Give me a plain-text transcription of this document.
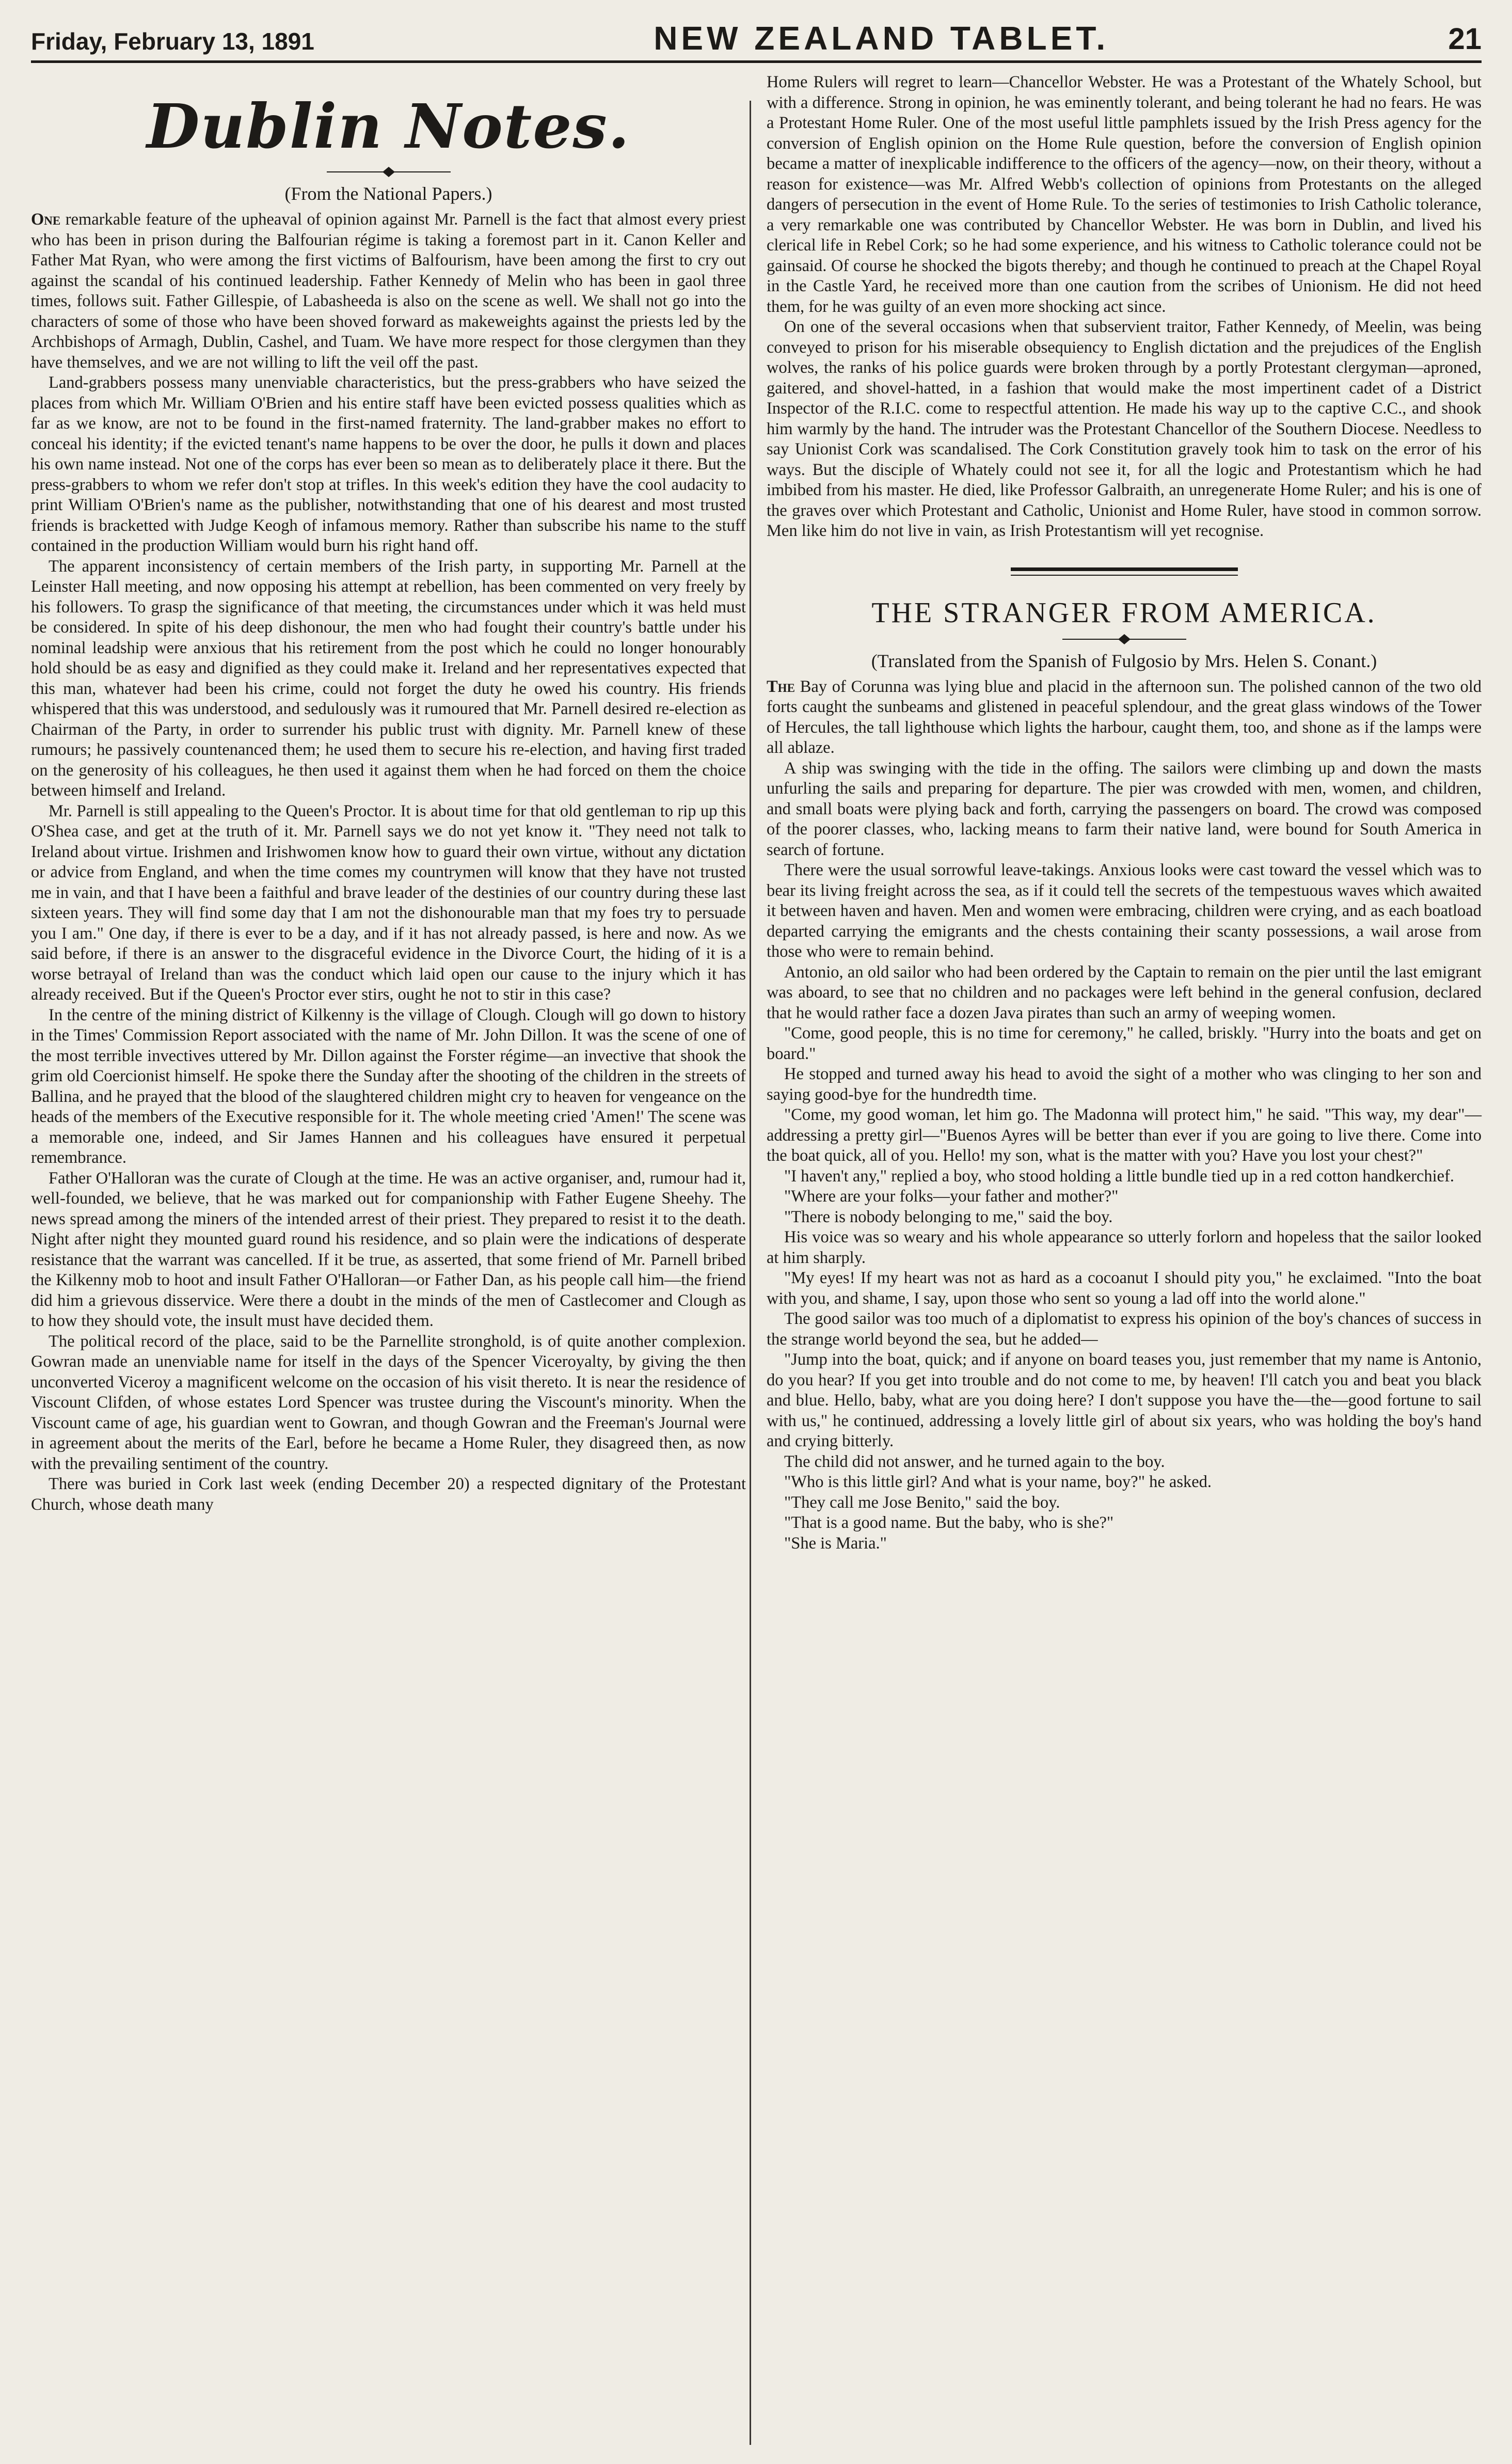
Friday, February 13, 1891	NEW ZEALAND TABLET.	21
Dublin Notes.
(From the National Papers.)

One remarkable feature of the upheaval of opinion against Mr. Parnell is the fact that almost every priest who has been in prison during the Balfourian régime is taking a foremost part in it. Canon Keller and Father Mat Ryan, who were among the first victims of Balfourism, have been among the first to cry out against the scandal of his continued leadership. Father Kennedy of Melin who has been in gaol three times, follows suit. Father Gillespie, of Labasheeda is also on the scene as well. We shall not go into the characters of some of those who have been shoved forward as makeweights against the priests led by the Archbishops of Armagh, Dublin, Cashel, and Tuam. We have more respect for those clergymen than they have themselves, and we are not willing to lift the veil off the past.

Land-grabbers possess many unenviable characteristics, but the press-grabbers who have seized the places from which Mr. William O'Brien and his entire staff have been evicted possess qualities which as far as we know, are not to be found in the first-named fraternity. The land-grabber makes no effort to conceal his identity; if the evicted tenant's name happens to be over the door, he pulls it down and places his own name instead. Not one of the corps has ever been so mean as to deliberately place it there. But the press-grabbers to whom we refer don't stop at trifles. In this week's edition they have the cool audacity to print William O'Brien's name as the publisher, notwithstanding that one of his dearest and most trusted friends is bracketted with Judge Keogh of infamous memory. Rather than subscribe his name to the stuff contained in the production William would burn his right hand off.

The apparent inconsistency of certain members of the Irish party, in supporting Mr. Parnell at the Leinster Hall meeting, and now opposing his attempt at rebellion, has been commented on very freely by his followers. To grasp the significance of that meeting, the circumstances under which it was held must be considered. In spite of his deep dishonour, the men who had fought their country's battle under his nominal leadship were anxious that his retirement from the post which he could no longer honourably hold should be as easy and dignified as they could make it. Ireland and her representatives expected that this man, whatever had been his crime, could not forget the duty he owed his country. His friends whispered that this was understood, and sedulously was it rumoured that Mr. Parnell desired re-election as Chairman of the Party, in order to surrender his public trust with dignity. Mr. Parnell knew of these rumours; he passively countenanced them; he used them to secure his re-election, and having first traded on the generosity of his colleagues, he then used it against them when he had forced on them the choice between himself and Ireland.

Mr. Parnell is still appealing to the Queen's Proctor. It is about time for that old gentleman to rip up this O'Shea case, and get at the truth of it. Mr. Parnell says we do not yet know it. "They need not talk to Ireland about virtue. Irishmen and Irishwomen know how to guard their own virtue, without any dictation or advice from England, and when the time comes my countrymen will know that they have not trusted me in vain, and that I have been a faithful and brave leader of the destinies of our country during these last sixteen years. They will find some day that I am not the dishonourable man that my foes try to persuade you I am." One day, if there is ever to be a day, and if it has not already passed, is here and now. As we said before, if there is an answer to the disgraceful evidence in the Divorce Court, the hiding of it is a worse betrayal of Ireland than was the conduct which laid open our cause to the injury which it has already received. But if the Queen's Proctor ever stirs, ought he not to stir in this case?

In the centre of the mining district of Kilkenny is the village of Clough. Clough will go down to history in the Times' Commission Report associated with the name of Mr. John Dillon. It was the scene of one of the most terrible invectives uttered by Mr. Dillon against the Forster régime—an invective that shook the grim old Coercionist himself. He spoke there the Sunday after the shooting of the children in the streets of Ballina, and he prayed that the blood of the slaughtered children might cry to heaven for vengeance on the heads of the members of the Executive responsible for it. The whole meeting cried 'Amen!' The scene was a memorable one, indeed, and Sir James Hannen and his colleagues have ensured it perpetual remembrance.

Father O'Halloran was the curate of Clough at the time. He was an active organiser, and, rumour had it, well-founded, we believe, that he was marked out for companionship with Father Eugene Sheehy. The news spread among the miners of the intended arrest of their priest. They prepared to resist it to the death. Night after night they mounted guard round his residence, and so plain were the indications of desperate resistance that the warrant was cancelled. If it be true, as asserted, that some friend of Mr. Parnell bribed the Kilkenny mob to hoot and insult Father O'Halloran—or Father Dan, as his people call him—the friend did him a grievous disservice. Were there a doubt in the minds of the men of Castlecomer and Clough as to how they should vote, the insult must have decided them.

The political record of the place, said to be the Parnellite stronghold, is of quite another complexion. Gowran made an unenviable name for itself in the days of the Spencer Viceroyalty, by giving the then unconverted Viceroy a magnificent welcome on the occasion of his visit thereto. It is near the residence of Viscount Clifden, of whose estates Lord Spencer was trustee during the Viscount's minority. When the Viscount came of age, his guardian went to Gowran, and though Gowran and the Freeman's Journal were in agreement about the merits of the Earl, before he became a Home Ruler, they disagreed then, as now with the prevailing sentiment of the country.

There was buried in Cork last week (ending December 20) a respected dignitary of the Protestant Church, whose death many

Home Rulers will regret to learn—Chancellor Webster. He was a Protestant of the Whately School, but with a difference. Strong in opinion, he was eminently tolerant, and being tolerant he had no fears. He was a Protestant Home Ruler. One of the most useful little pamphlets issued by the Irish Press agency for the conversion of English opinion on the Home Rule question, before the conversion of English opinion became a matter of inexplicable indifference to the officers of the agency—now, on their theory, without a reason for existence—was Mr. Alfred Webb's collection of opinions from Protestants on the alleged dangers of persecution in the event of Home Rule. To the series of testimonies to Irish Catholic tolerance, a very remarkable one was contributed by Chancellor Webster. He was born in Dublin, and lived his clerical life in Rebel Cork; so he had some experience, and his witness to Catholic tolerance could not be gainsaid. Of course he shocked the bigots thereby; and though he continued to preach at the Chapel Royal in the Castle Yard, he received more than one caution from the scribes of Unionism. He did not heed them, for he was guilty of an even more shocking act since.

On one of the several occasions when that subservient traitor, Father Kennedy, of Meelin, was being conveyed to prison for his miserable obsequiency to English dictation and the prejudices of the English wolves, the ranks of his police guards were broken through by a portly Protestant clergyman—aproned, gaitered, and shovel-hatted, in a fashion that would make the most impertinent cadet of a District Inspector of the R.I.C. come to respectful attention. He made his way up to the captive C.C., and shook him warmly by the hand. The intruder was the Protestant Chancellor of the Southern Diocese. Needless to say Unionist Cork was scandalised. The Cork Constitution gravely took him to task on the error of his ways. But the disciple of Whately could not see it, for all the logic and Protestantism which he had imbibed from his master. He died, like Professor Galbraith, an unregenerate Home Ruler; and his is one of the graves over which Protestant and Catholic, Unionist and Home Ruler, have stood in common sorrow. Men like him do not live in vain, as Irish Protestantism will yet recognise.

THE STRANGER FROM AMERICA.
(Translated from the Spanish of Fulgosio by Mrs. Helen S. Conant.)

The Bay of Corunna was lying blue and placid in the afternoon sun. The polished cannon of the two old forts caught the sunbeams and glistened in peaceful splendour, and the great glass windows of the Tower of Hercules, the tall lighthouse which lights the harbour, caught them, too, and shone as if the lamps were all ablaze.

A ship was swinging with the tide in the offing. The sailors were climbing up and down the masts unfurling the sails and preparing for departure. The pier was crowded with men, women, and children, and small boats were plying back and forth, carrying the passengers on board. The crowd was composed of the poorer classes, who, lacking means to farm their native land, were bound for South America in search of fortune.

There were the usual sorrowful leave-takings. Anxious looks were cast toward the vessel which was to bear its living freight across the sea, as if it could tell the secrets of the tempestuous waves which awaited it between haven and haven. Men and women were embracing, children were crying, and as each boatload departed carrying the emigrants and the chests containing their scanty possessions, a wail arose from those who were to remain behind.

Antonio, an old sailor who had been ordered by the Captain to remain on the pier until the last emigrant was aboard, to see that no children and no packages were left behind in the general confusion, declared that he would rather face a dozen Java pirates than such an army of weeping women.

"Come, good people, this is no time for ceremony," he called, briskly. "Hurry into the boats and get on board."

He stopped and turned away his head to avoid the sight of a mother who was clinging to her son and saying good-bye for the hundredth time.

"Come, my good woman, let him go. The Madonna will protect him," he said. "This way, my dear"—addressing a pretty girl—"Buenos Ayres will be better than ever if you are going to live there. Come into the boat quick, all of you. Hello! my son, what is the matter with you? Have you lost your chest?"

"I haven't any," replied a boy, who stood holding a little bundle tied up in a red cotton handkerchief.

"Where are your folks—your father and mother?"

"There is nobody belonging to me," said the boy.

His voice was so weary and his whole appearance so utterly forlorn and hopeless that the sailor looked at him sharply.

"My eyes! If my heart was not as hard as a cocoanut I should pity you," he exclaimed. "Into the boat with you, and shame, I say, upon those who sent so young a lad off into the world alone."

The good sailor was too much of a diplomatist to express his opinion of the boy's chances of success in the strange world beyond the sea, but he added—

"Jump into the boat, quick; and if anyone on board teases you, just remember that my name is Antonio, do you hear? If you get into trouble and do not come to me, by heaven! I'll catch you and beat you black and blue. Hello, baby, what are you doing here? I don't suppose you have the—the—good fortune to sail with us," he continued, addressing a lovely little girl of about six years, who was holding the boy's hand and crying bitterly.

The child did not answer, and he turned again to the boy.

"Who is this little girl? And what is your name, boy?" he asked.

"They call me Jose Benito," said the boy.

"That is a good name. But the baby, who is she?"

"She is Maria."
